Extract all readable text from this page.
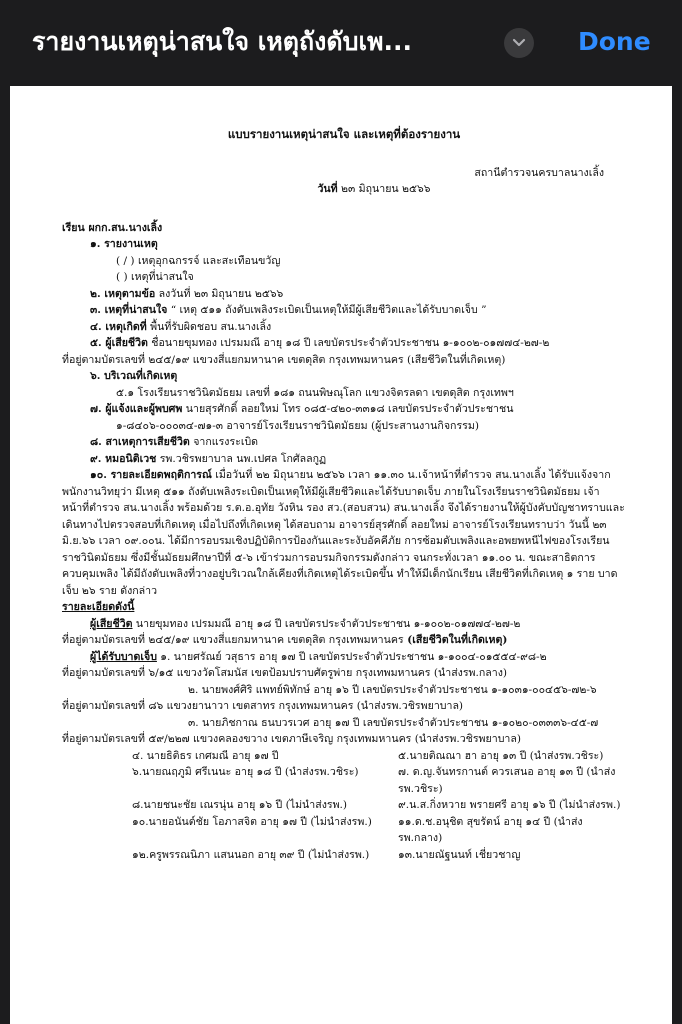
รายงานเหตุน่าสนใจ เหตุถังดับเพ...	Done
แบบรายงานเหตุน่าสนใจ และเหตุที่ต้องรายงาน
สถานีตำรวจนครบาลนางเลิ้ง
วันที่ ๒๓ มิถุนายน ๒๕๖๖

เรียน ผกก.สน.นางเลิ้ง

๑. รายงานเหตุ

( / ) เหตุอุกฉกรรจ์ และสะเทือนขวัญ

( ) เหตุที่น่าสนใจ

๒. เหตุตามข้อ ลงวันที่ ๒๓ มิถุนายน ๒๕๖๖

๓. เหตุที่น่าสนใจ “ เหตุ ๕๑๑ ถังดับเพลิงระเบิดเป็นเหตุให้มีผู้เสียชีวิตและได้รับบาดเจ็บ ”

๔. เหตุเกิดที่ พื้นที่รับผิดชอบ สน.นางเลิ้ง

๕. ผู้เสียชีวิต ชื่อนายขุมทอง เปรมมณี อายุ ๑๘ ปี เลขบัตรประจำตัวประชาชน ๑-๑๐๐๒-๐๑๗๗๔-๒๗-๒

ที่อยู่ตามบัตรเลขที่ ๒๔๕/๑๙ แขวงสี่แยกมหานาค เขตดุสิต กรุงเทพมหานคร (เสียชีวิตในที่เกิดเหตุ)

๖. บริเวณที่เกิดเหตุ

๕.๑ โรงเรียนราชวินิตมัธยม เลขที่ ๑๘๑ ถนนพิษณุโลก แขวงจิตรลดา เขตดุสิต กรุงเทพฯ

๗. ผู้แจ้งและผู้พบศพ นายสุรศักดิ์ ลอยใหม่ โทร ๐๘๕-๔๒๐-๓๓๑๘ เลขบัตรประจำตัวประชาชน

๑-๘๔๐๖-๐๐๐๓๔-๗๑-๓ อาจารย์โรงเรียนราชวินิตมัธยม (ผู้ประสานงานกิจกรรม)

๘. สาเหตุการเสียชีวิต จากแรงระเบิด

๙. หมอนิติเวช รพ.วชิรพยาบาล นพ.เปศล โกศัลลกูฏ

๑๐. รายละเอียดพฤติการณ์ เมื่อวันที่ ๒๒ มิถุนายน ๒๕๖๖ เวลา ๑๑.๓๐ น.เจ้าหน้าที่ตำรวจ สน.นางเลิ้ง ได้รับแจ้งจากพนักงานวิทยุว่า มีเหตุ ๕๑๑ ถังดับเพลิงระเบิดเป็นเหตุให้มีผู้เสียชีวิตและได้รับบาดเจ็บ ภายในโรงเรียนราชวินิตมัธยม เจ้าหน้าที่ตำรวจ สน.นางเลิ้ง พร้อมด้วย ร.ต.อ.อุทัย วังหิน รอง สว.(สอบสวน) สน.นางเลิ้ง จึงได้รายงานให้ผู้บังคับบัญชาทราบและเดินทางไปตรวจสอบที่เกิดเหตุ เมื่อไปถึงที่เกิดเหตุ ได้สอบถาม อาจารย์สุรศักดิ์ ลอยใหม่ อาจารย์โรงเรียนทราบว่า วันนี้ ๒๓ มิ.ย.๖๖ เวลา ๐๙.๐๐น. ได้มีการอบรมเชิงปฏิบัติการป้องกันและระงับอัคคีภัย การซ้อมดับเพลิงและอพยพหนีไฟของโรงเรียนราชวินิตมัธยม ซึ่งมีชั้นมัธยมศึกษาปีที่ ๕-๖ เข้าร่วมการอบรมกิจกรรมดังกล่าว จนกระทั่งเวลา ๑๑.๐๐ น. ขณะสาธิตการควบคุมเพลิง ได้มีถังดับเพลิงที่วางอยู่บริเวณใกล้เคียงที่เกิดเหตุได้ระเบิดขึ้น ทำให้มีเด็กนักเรียน เสียชีวิตที่เกิดเหตุ ๑ ราย บาดเจ็บ ๒๖ ราย ดังกล่าว

รายละเอียดดังนี้

ผู้เสียชีวิต นายขุมทอง เปรมมณี อายุ ๑๘ ปี เลขบัตรประจำตัวประชาชน ๑-๑๐๐๒-๐๑๗๗๔-๒๗-๒

ที่อยู่ตามบัตรเลขที่ ๒๔๕/๑๙ แขวงสี่แยกมหานาค เขตดุสิต กรุงเทพมหานคร (เสียชีวิตในที่เกิดเหตุ)

ผู้ได้รับบาดเจ็บ ๑. นายศรัณย์ วสุธาร อายุ ๑๗ ปี เลขบัตรประจำตัวประชาชน ๑-๑๐๐๔-๐๑๕๕๔-๙๘-๒

ที่อยู่ตามบัตรเลขที่ ๖/๑๕ แขวงวัดโสมนัส เขตป้อมปราบศัตรูพ่าย กรุงเทพมหานคร (นำส่งรพ.กลาง)

๒. นายพงศ์ศิริ แพทย์พิทักษ์ อายุ ๑๖ ปี เลขบัตรประจำตัวประชาชน ๑-๑๐๓๑-๐๐๔๕๖-๗๒-๖

ที่อยู่ตามบัตรเลขที่ ๘๖ แขวงยานาวา เขตสาทร กรุงเทพมหานคร (นำส่งรพ.วชิรพยาบาล)

๓. นายภิชกาณ ธนบวรเวศ อายุ ๑๗ ปี เลขบัตรประจำตัวประชาชน ๑-๑๐๒๐-๐๓๓๓๖-๔๕-๗

ที่อยู่ตามบัตรเลขที่ ๕๙/๒๒๗ แขวงคลองขวาง เขตภาษีเจริญ กรุงเทพมหานคร (นำส่งรพ.วชิรพยาบาล)

๔. นายธิติธร เกศมณี อายุ ๑๗ ปี	๕.นายติณณา ฮา อายุ ๑๓ ปี (นำส่งรพ.วชิระ)
๖.นายณฤภูมิ ศรีเนนะ อายุ ๑๘ ปี (นำส่งรพ.วชิระ)	๗. ด.ญ.จันทรกานต์ ควรเสนอ อายุ ๑๓ ปี (นำส่งรพ.วชิระ)
๘.นายชนะชัย เณรนุ่น อายุ ๑๖ ปี (ไม่นำส่งรพ.)	๙.น.ส.กิ่งหวาย พรายศรี อายุ ๑๖ ปี (ไม่นำส่งรพ.)
๑๐.นายอนันต์ชัย โอภาสจิต อายุ ๑๗ ปี (ไม่นำส่งรพ.)	๑๑.ด.ช.อนุชิต สุขรัตน์ อายุ ๑๔ ปี (นำส่งรพ.กลาง)
๑๒.ครูพรรณนิภา แสนนอก อายุ ๓๙ ปี (ไม่นำส่งรพ.)	๑๓.นายณัฐนนท์ เชี่ยวชาญ
